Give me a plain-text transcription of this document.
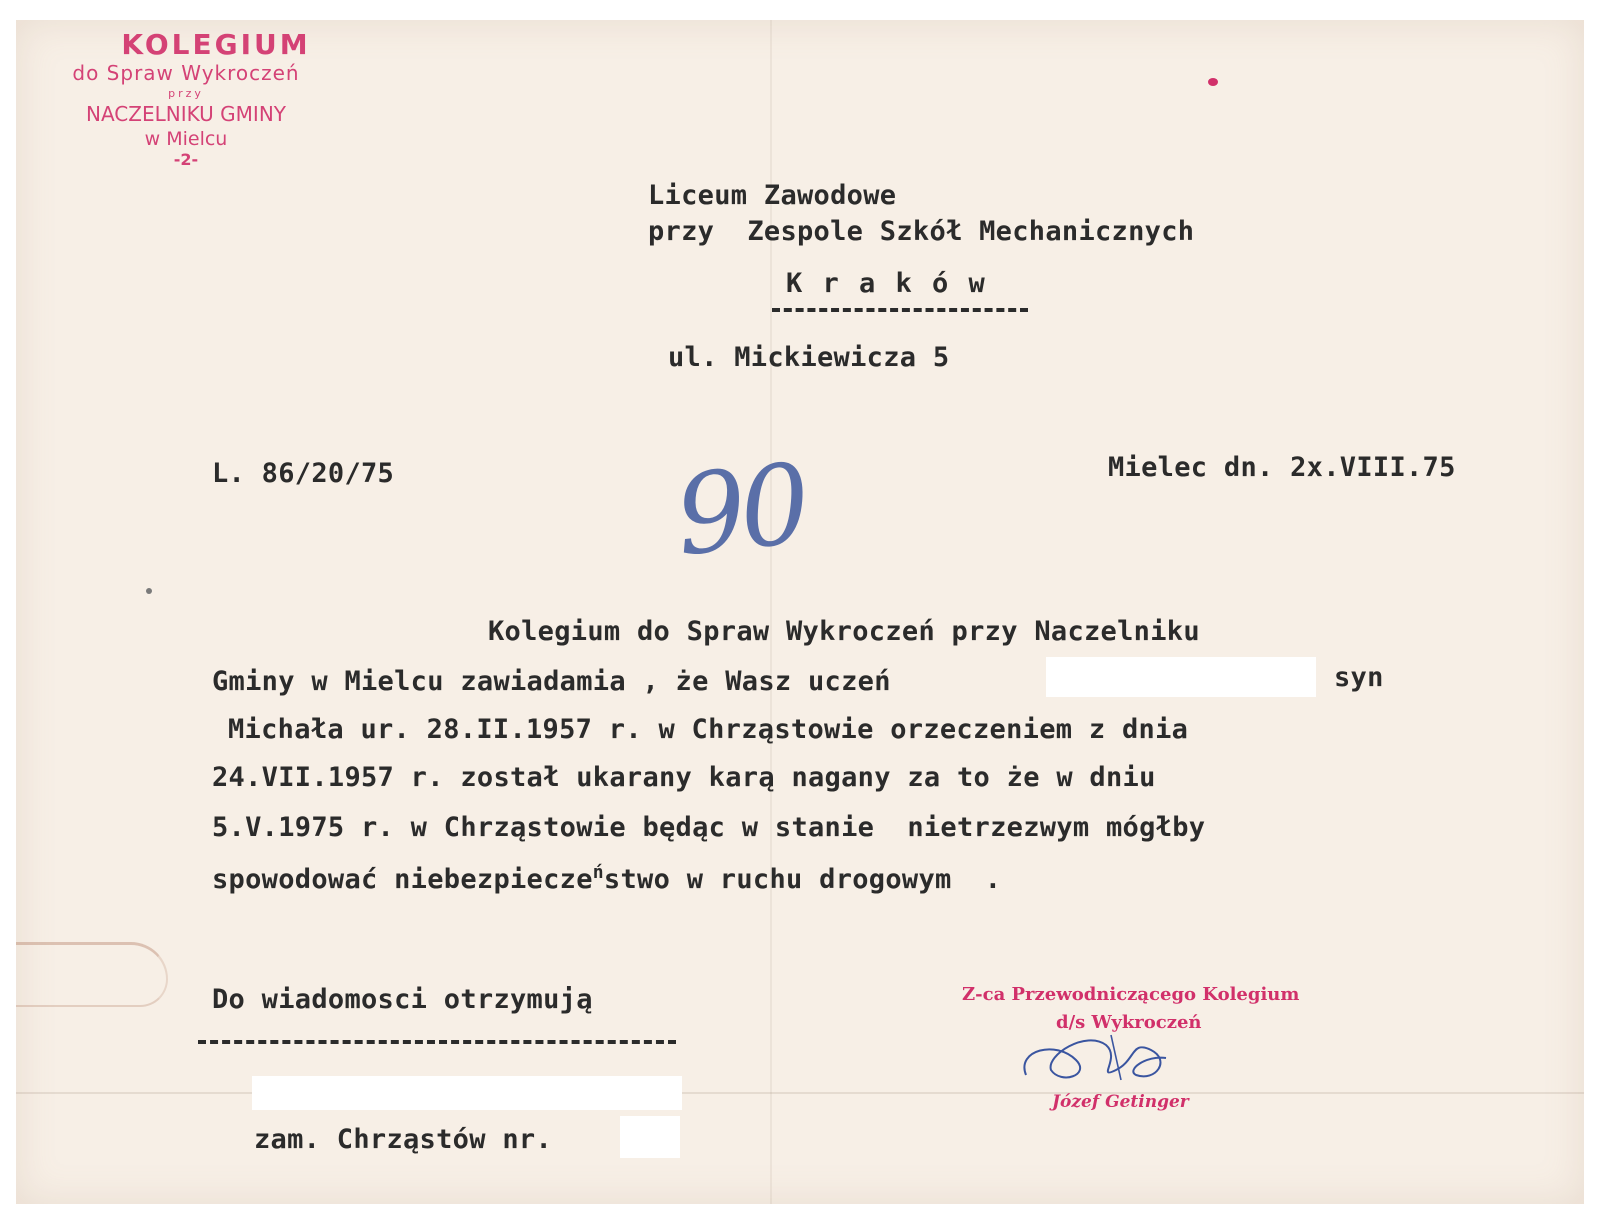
KOLEGIUM
do Spraw Wykroczeń
przy
NACZELNIKU GMINY
w Mielcu
-2-
Liceum Zawodowe
przy  Zespole Szkół Mechanicznych
K r a k ó w
ul. Mickiewicza 5
L. 86/20/75	Mielec dn. 2x.VIII.75
90
Kolegium do Spraw Wykroczeń przy Naczelniku
Gminy w Mielcu zawiadamia , że Wasz uczeń	syn
Michała ur. 28.II.1957 r. w Chrząstowie orzeczeniem z dnia
24.VII.1957 r. został ukarany karą nagany za to że w dniu
5.V.1975 r. w Chrząstowie będąc w stanie  nietrzezwym mógłby
spowodować niebezpiecze$^ń$stwo w ruchu drogowym  .
Do wiadomosci otrzymują
zam. Chrząstów nr.
Z-ca Przewodniczącego Kolegium
d/s Wykroczeń
Józef Getinger
